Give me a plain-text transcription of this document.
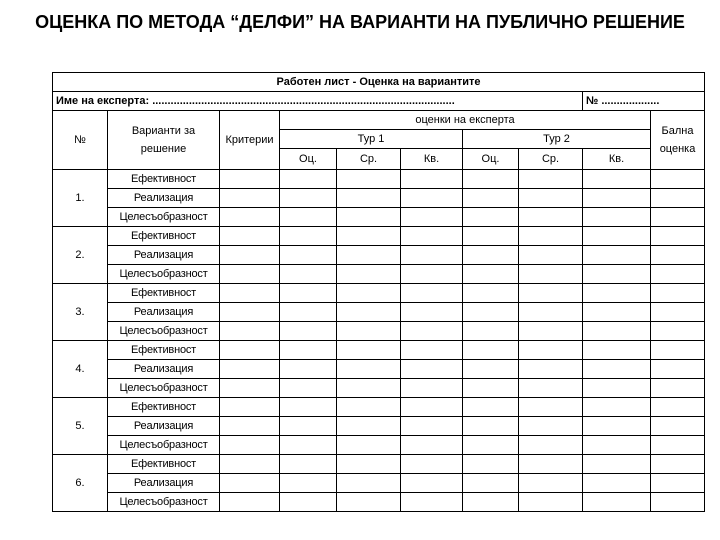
ОЦЕНКА ПО МЕТОДА “ДЕЛФИ” НА ВАРИАНТИ НА ПУБЛИЧНО РЕШЕНИЕ
Работен лист - Оценка на вариантите									
Име на експерта: ...................................................................................................								№ ...................	
№	Варианти за решение	Критерии	оценки на експерта						Бална оценка
			Тур 1			Тур 2			
			Оц.	Ср.	Кв.	Оц.	Ср.	Кв.	
1.	Ефективност								
	Реализация								
	Целесъобразност								
2.	Ефективност								
	Реализация								
	Целесъобразност								
3.	Ефективност								
	Реализация								
	Целесъобразност								
4.	Ефективност								
	Реализация								
	Целесъобразност								
5.	Ефективност								
	Реализация								
	Целесъобразност								
6.	Ефективност								
	Реализация								
	Целесъобразност								
